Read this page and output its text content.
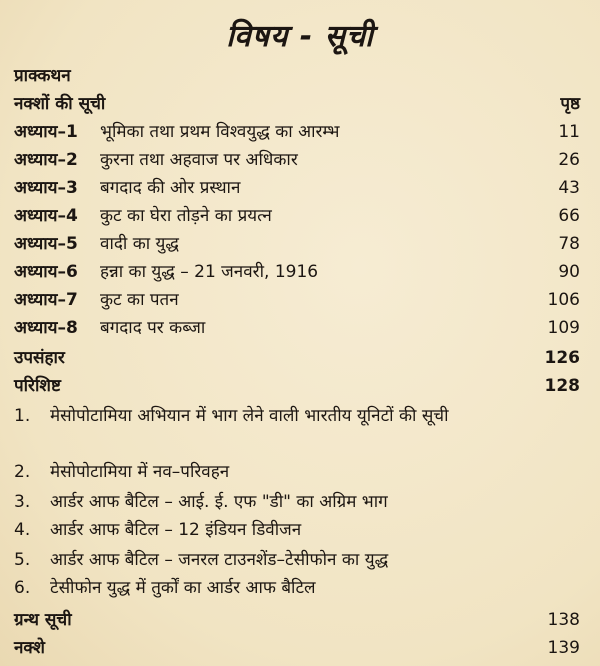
विषय - सूची
प्राक्कथन
नक्शों की सूची	पृष्ठ
अध्याय–1 भूमिका तथा प्रथम विश्वयुद्ध का आरम्भ	11
अध्याय–2 कुरना तथा अहवाज पर अधिकार	26
अध्याय–3 बगदाद की ओर प्रस्थान	43
अध्याय–4 कुट का घेरा तोड़ने का प्रयत्न	66
अध्याय–5 वादी का युद्ध	78
अध्याय–6 हन्ना का युद्ध – 21 जनवरी, 1916	90
अध्याय–7 कुट का पतन	106
अध्याय–8 बगदाद पर कब्जा	109
उपसंहार	126
परिशिष्ट	128
1. मेसोपोटामिया अभियान में भाग लेने वाली भारतीय यूनिटों की सूची
2. मेसोपोटामिया में नव–परिवहन
3. आर्डर आफ बैटिल – आई. ई. एफ "डी" का अग्रिम भाग
4. आर्डर आफ बैटिल – 12 इंडियन डिवीजन
5. आर्डर आफ बैटिल – जनरल टाउनशेंड–टेसीफोन का युद्ध
6. टेसीफोन युद्ध में तुर्कों का आर्डर आफ बैटिल
ग्रन्थ सूची	138
नक्शे	139
